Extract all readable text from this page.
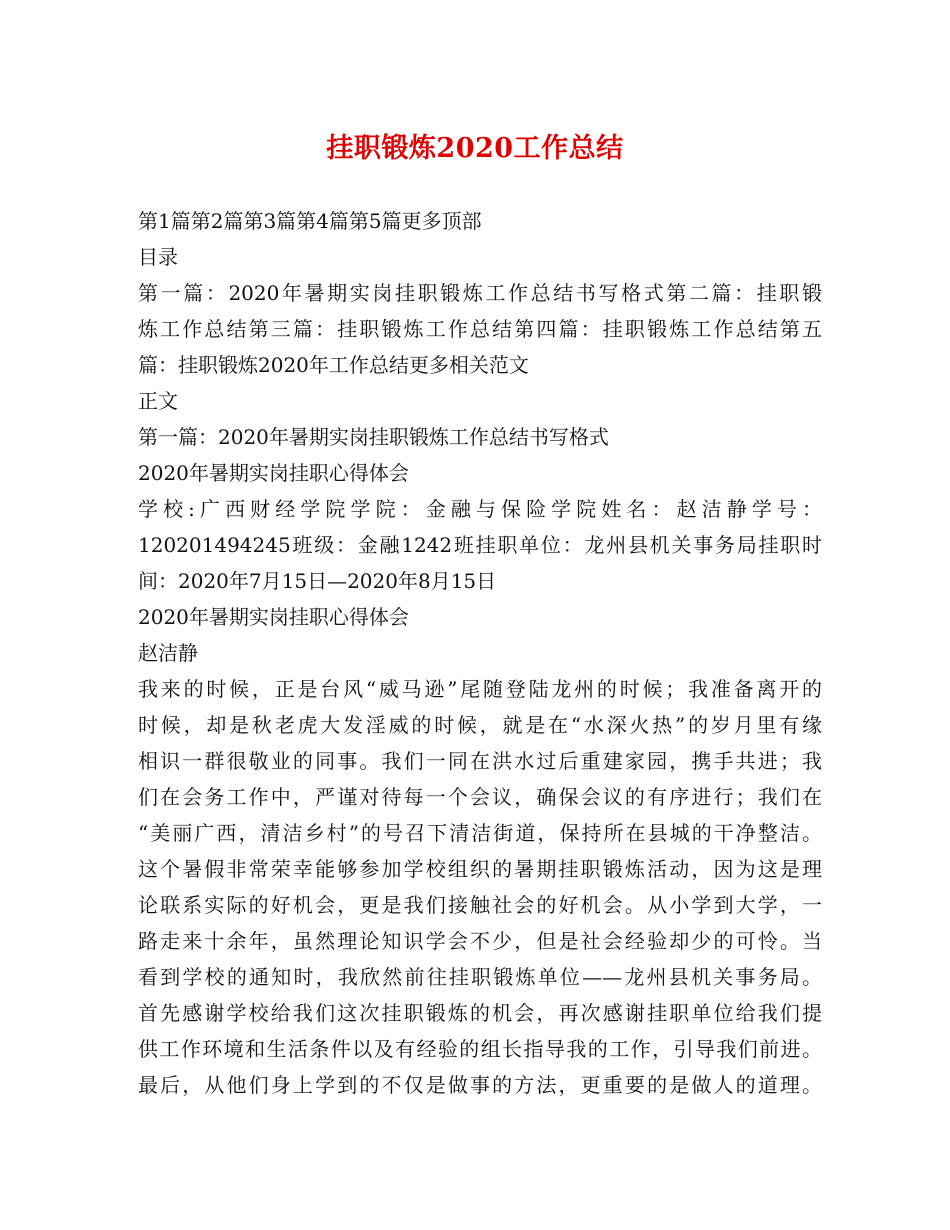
挂职锻炼2020工作总结
第1篇第2篇第3篇第4篇第5篇更多顶部
目录
第一篇：2020年暑期实岗挂职锻炼工作总结书写格式第二篇：挂职锻
炼工作总结第三篇：挂职锻炼工作总结第四篇：挂职锻炼工作总结第五
篇：挂职锻炼2020年工作总结更多相关范文
正文
第一篇：2020年暑期实岗挂职锻炼工作总结书写格式
2020年暑期实岗挂职心得体会
学校:广西财经学院学院：金融与保险学院姓名：赵洁静学号：
120201494245班级：金融1242班挂职单位：龙州县机关事务局挂职时
间：2020年7月15日—2020年8月15日
2020年暑期实岗挂职心得体会
赵洁静
我来的时候，正是台风“威马逊”尾随登陆龙州的时候；我准备离开的
时候，却是秋老虎大发淫威的时候，就是在“水深火热”的岁月里有缘
相识一群很敬业的同事。我们一同在洪水过后重建家园，携手共进；我
们在会务工作中，严谨对待每一个会议，确保会议的有序进行；我们在
“美丽广西，清洁乡村”的号召下清洁街道，保持所在县城的干净整洁。
这个暑假非常荣幸能够参加学校组织的暑期挂职锻炼活动，因为这是理
论联系实际的好机会，更是我们接触社会的好机会。从小学到大学，一
路走来十余年，虽然理论知识学会不少，但是社会经验却少的可怜。当
看到学校的通知时，我欣然前往挂职锻炼单位——龙州县机关事务局。
首先感谢学校给我们这次挂职锻炼的机会，再次感谢挂职单位给我们提
供工作环境和生活条件以及有经验的组长指导我的工作，引导我们前进。
最后，从他们身上学到的不仅是做事的方法，更重要的是做人的道理。
